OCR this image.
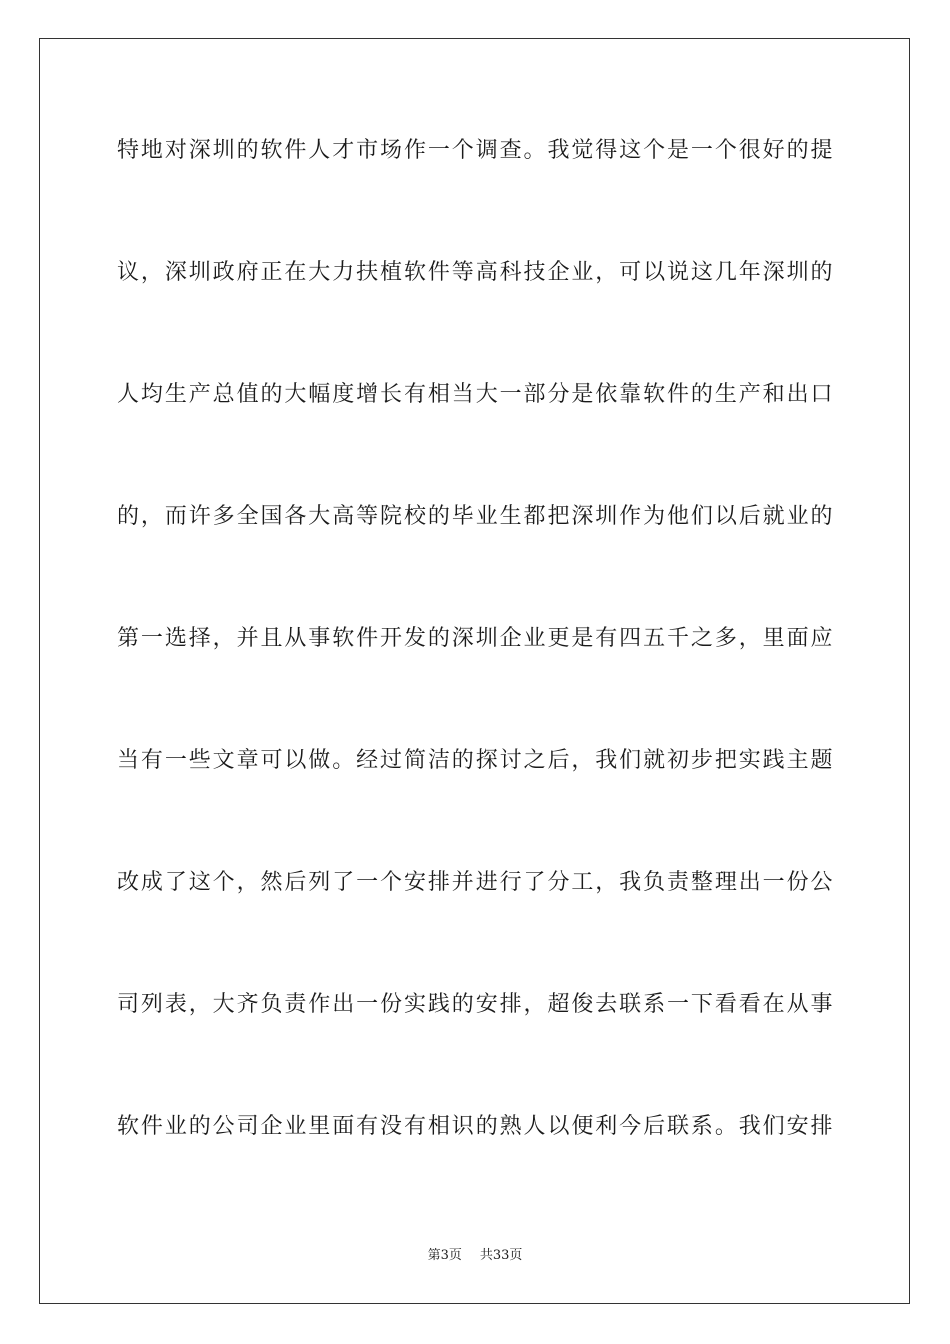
特地对深圳的软件人才市场作一个调查。我觉得这个是一个很好的提
议，深圳政府正在大力扶植软件等高科技企业，可以说这几年深圳的
人均生产总值的大幅度增长有相当大一部分是依靠软件的生产和出口
的，而许多全国各大高等院校的毕业生都把深圳作为他们以后就业的
第一选择，并且从事软件开发的深圳企业更是有四五千之多，里面应
当有一些文章可以做。经过简洁的探讨之后，我们就初步把实践主题
改成了这个，然后列了一个安排并进行了分工，我负责整理出一份公
司列表，大齐负责作出一份实践的安排，超俊去联系一下看看在从事
软件业的公司企业里面有没有相识的熟人以便利今后联系。我们安排
第3页 共33页
